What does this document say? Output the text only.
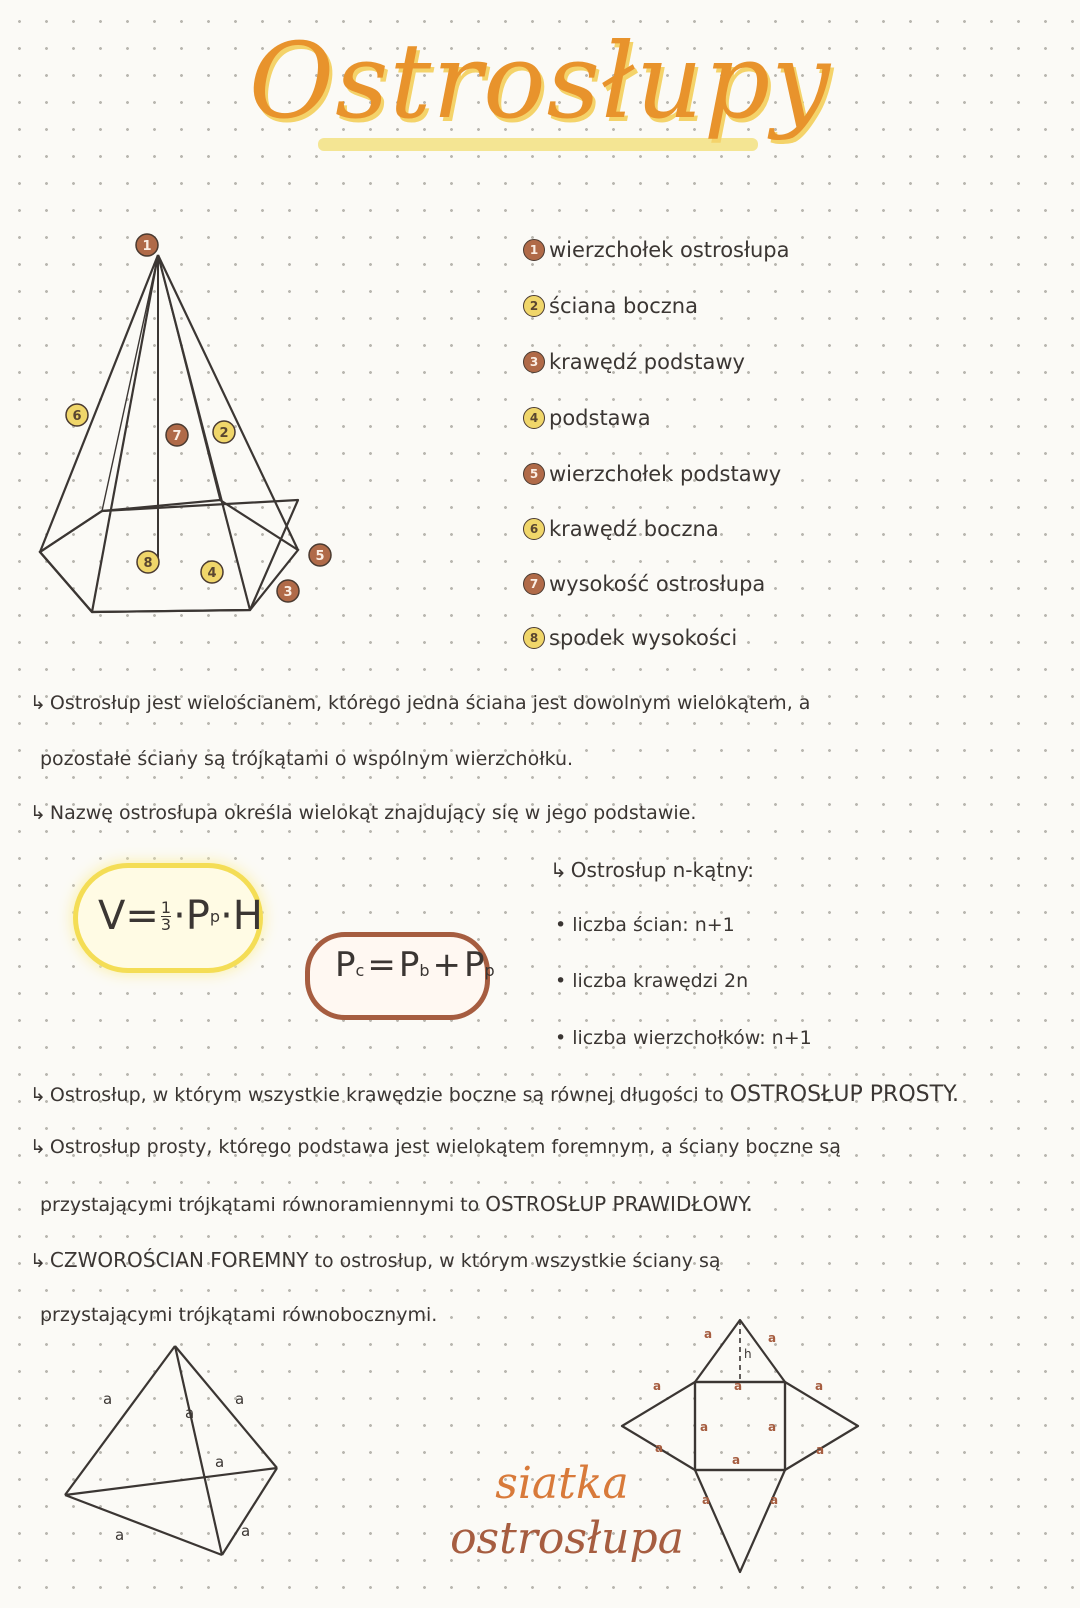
Ostrosłupy
1
2
3
4
5
6
7
8
1 wierzchołek ostrosłupa
2 ściana boczna
3 krawędź podstawy
4 podstawa
5 wierzchołek podstawy
6 krawędź boczna
7 wysokość ostrosłupa
8 spodek wysokości
↳ Ostrosłup jest wielościanem, którego jedna ściana jest dowolnym wielokątem, a
pozostałe ściany są trójkątami o wspólnym wierzchołku.
↳ Nazwę ostrosłupa określa wielokąt znajdujący się w jego podstawie.
↳ Ostrosłup n-kątny:
• liczba ścian: n+1
• liczba krawędzi 2n
• liczba wierzchołków: n+1
$V = \frac{1}{3} \cdot P$ p · H
P c = P b + P p
↳ Ostrosłup, w którym wszystkie krawędzie boczne są równej długości to OSTROSŁUP PROSTY.
↳ Ostrosłup prosty, którego podstawa jest wielokątem foremnym, a ściany boczne są
przystającymi trójkątami równoramiennymi to OSTROSŁUP PRAWIDŁOWY.
↳ CZWOROŚCIAN FOREMNY to ostrosłup, w którym wszystkie ściany są
przystającymi trójkątami równobocznymi.
a	a
a
a
a	a
siatka
ostrosłupa
a	a
a	a
a	a
a	a
a
a	a
a
h
